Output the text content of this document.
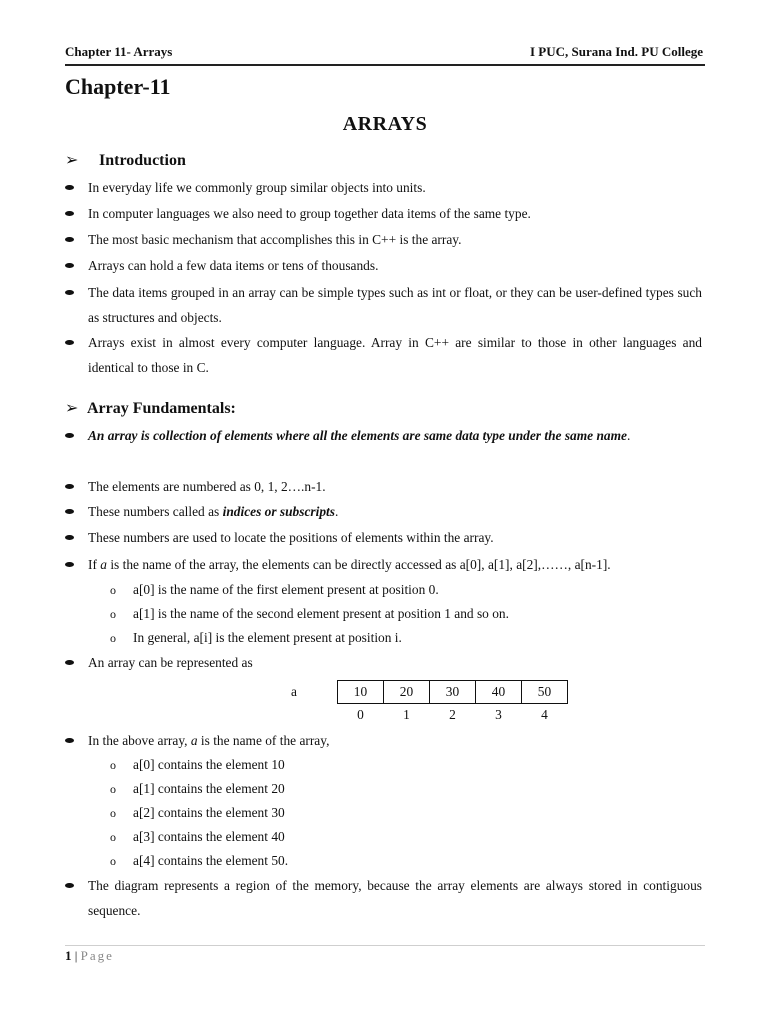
Chapter 11- Arrays	I PUC, Surana Ind. PU College
Chapter-11
ARRAYS
➢ Introduction
In everyday life we commonly group similar objects into units.
In computer languages we also need to group together data items of the same type.
The most basic mechanism that accomplishes this in C++ is the array.
Arrays can hold a few data items or tens of thousands.
The data items grouped in an array can be simple types such as int or float, or they can be user-defined types such as structures and objects.
Arrays exist in almost every computer language. Array in C++ are similar to those in other languages and identical to those in C.
➢ Array Fundamentals:
An array is collection of elements where all the elements are same data type under the same name.
The elements are numbered as 0, 1, 2….n-1.
These numbers called as indices or subscripts.
These numbers are used to locate the positions of elements within the array.
If a is the name of the array, the elements can be directly accessed as a[0], a[1], a[2],……, a[n-1].
o a[0] is the name of the first element present at position 0.
o a[1] is the name of the second element present at position 1 and so on.
o In general, a[i] is the element present at position i.
An array can be represented as
a	10	20	30	40	50
	0	1	2	3	4
In the above array, a is the name of the array,
o a[0] contains the element 10
o a[1] contains the element 20
o a[2] contains the element 30
o a[3] contains the element 40
o a[4] contains the element 50.
The diagram represents a region of the memory, because the array elements are always stored in contiguous sequence.
1 | Page
